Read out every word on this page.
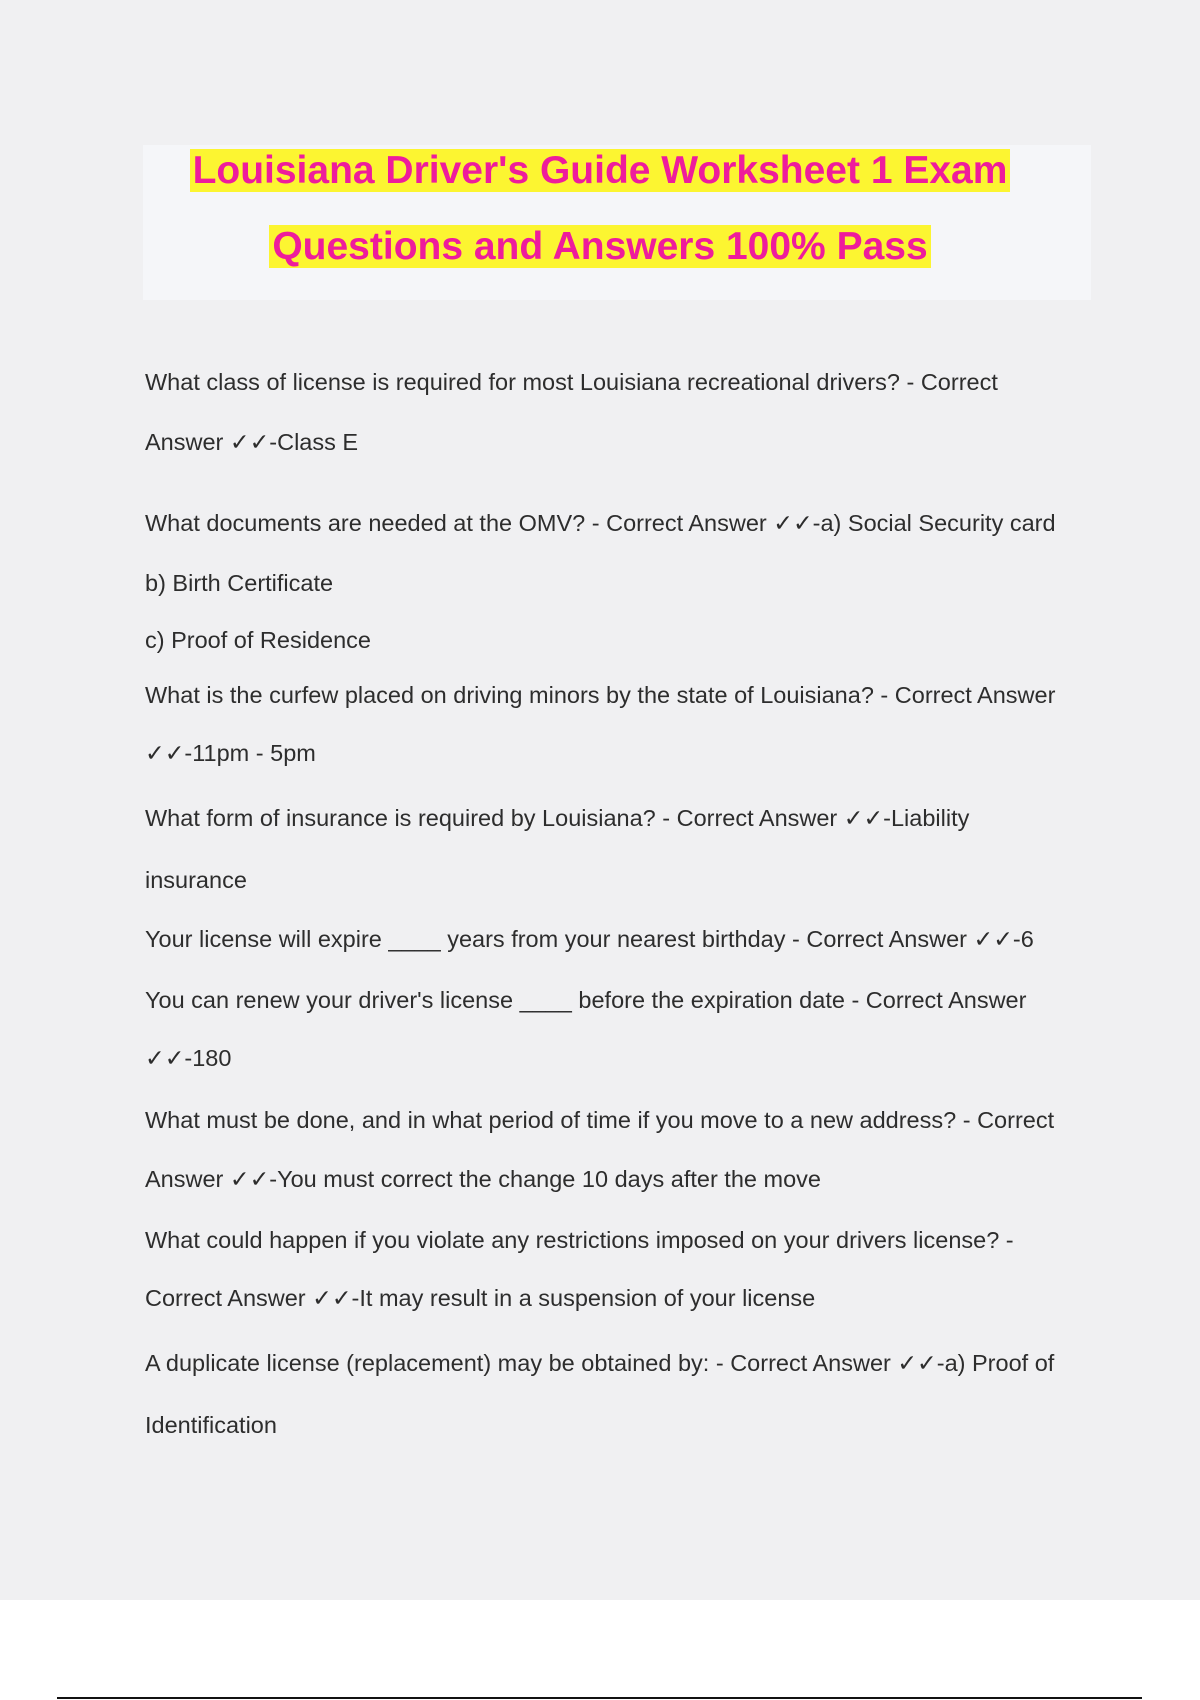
Louisiana Driver's Guide Worksheet 1 Exam
Questions and Answers 100% Pass
What class of license is required for most Louisiana recreational drivers? - Correct
Answer ✓✓-Class E
What documents are needed at the OMV? - Correct Answer ✓✓-a) Social Security card
b) Birth Certificate
c) Proof of Residence
What is the curfew placed on driving minors by the state of Louisiana? - Correct Answer
✓✓-11pm - 5pm
What form of insurance is required by Louisiana? - Correct Answer ✓✓-Liability
insurance
Your license will expire ____ years from your nearest birthday - Correct Answer ✓✓-6
You can renew your driver's license ____ before the expiration date - Correct Answer
✓✓-180
What must be done, and in what period of time if you move to a new address? - Correct
Answer ✓✓-You must correct the change 10 days after the move
What could happen if you violate any restrictions imposed on your drivers license? -
Correct Answer ✓✓-It may result in a suspension of your license
A duplicate license (replacement) may be obtained by: - Correct Answer ✓✓-a) Proof of
Identification
